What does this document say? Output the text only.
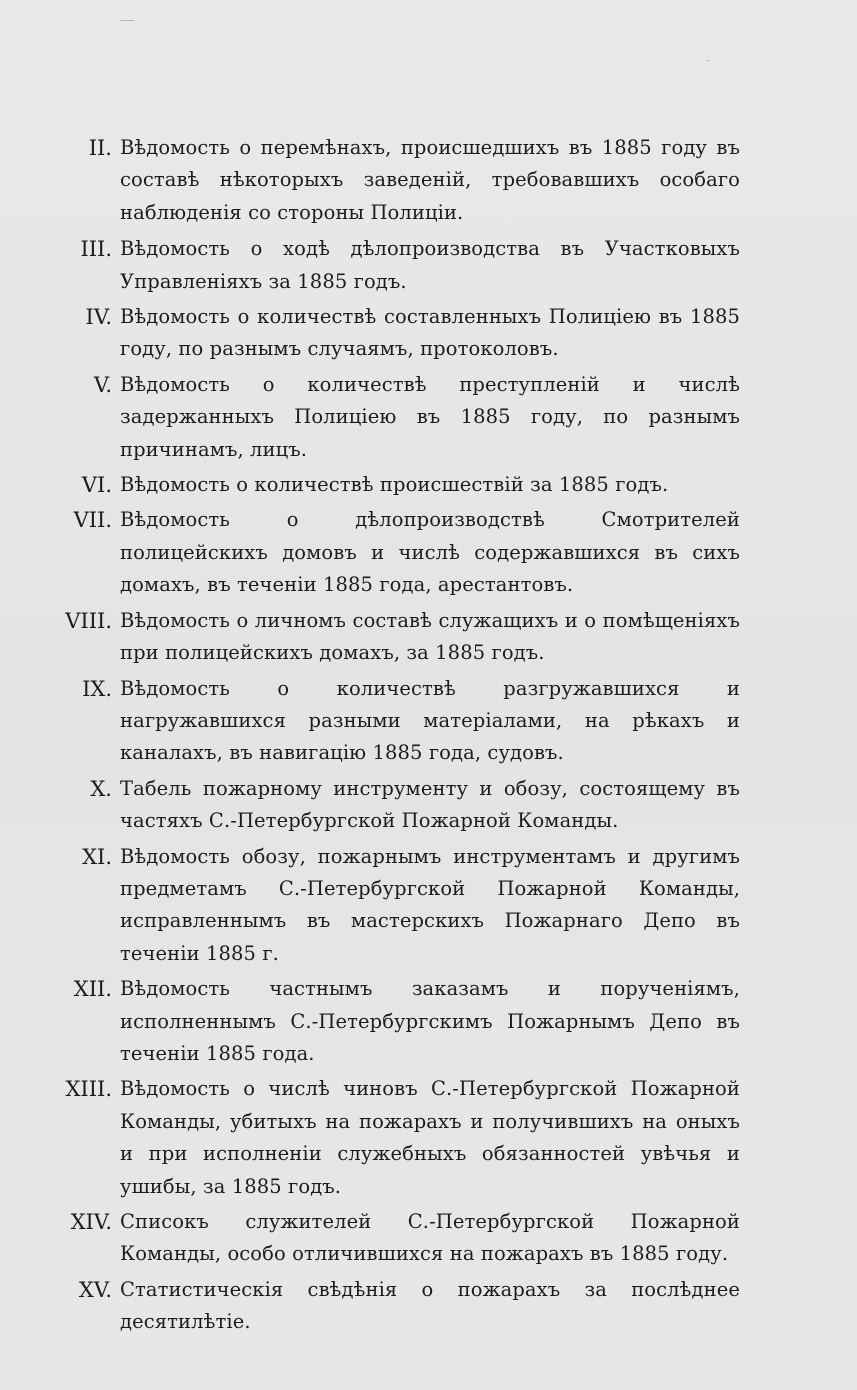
II. Вѣдомость о перемѣнахъ, происшедшихъ въ 1885 году въ составѣ нѣкоторыхъ заведеній, требовавшихъ особаго наблюденія со стороны Полиціи.
III. Вѣдомость о ходѣ дѣлопроизводства въ Участковыхъ Управленіяхъ за 1885 годъ.
IV. Вѣдомость о количествѣ составленныхъ Полиціею въ 1885 году, по разнымъ случаямъ, протоколовъ.
V. Вѣдомость о количествѣ преступленій и числѣ задержанныхъ Полиціею въ 1885 году, по разнымъ причинамъ, лицъ.
VI. Вѣдомость о количествѣ происшествій за 1885 годъ.
VII. Вѣдомость о дѣлопроизводствѣ Смотрителей полицейскихъ домовъ и числѣ содержавшихся въ сихъ домахъ, въ теченіи 1885 года, арестантовъ.
VIII. Вѣдомость о личномъ составѣ служащихъ и о помѣщеніяхъ при полицейскихъ домахъ, за 1885 годъ.
IX. Вѣдомость о количествѣ разгружавшихся и нагружавшихся разными матеріалами, на рѣкахъ и каналахъ, въ навигацію 1885 года, судовъ.
X. Табель пожарному инструменту и обозу, состоящему въ частяхъ С.-Петербургской Пожарной Команды.
XI. Вѣдомость обозу, пожарнымъ инструментамъ и другимъ предметамъ С.-Петербургской Пожарной Команды, исправленнымъ въ мастерскихъ Пожарнаго Депо въ теченіи 1885 г.
XII. Вѣдомость частнымъ заказамъ и порученіямъ, исполненнымъ С.-Петербургскимъ Пожарнымъ Депо въ теченіи 1885 года.
XIII. Вѣдомость о числѣ чиновъ С.-Петербургской Пожарной Команды, убитыхъ на пожарахъ и получившихъ на оныхъ и при исполненіи служебныхъ обязанностей увѣчья и ушибы, за 1885 годъ.
XIV. Списокъ служителей С.-Петербургской Пожарной Команды, особо отличившихся на пожарахъ въ 1885 году.
XV. Статистическія свѣдѣнія о пожарахъ за послѣднее десятилѣтіе.
